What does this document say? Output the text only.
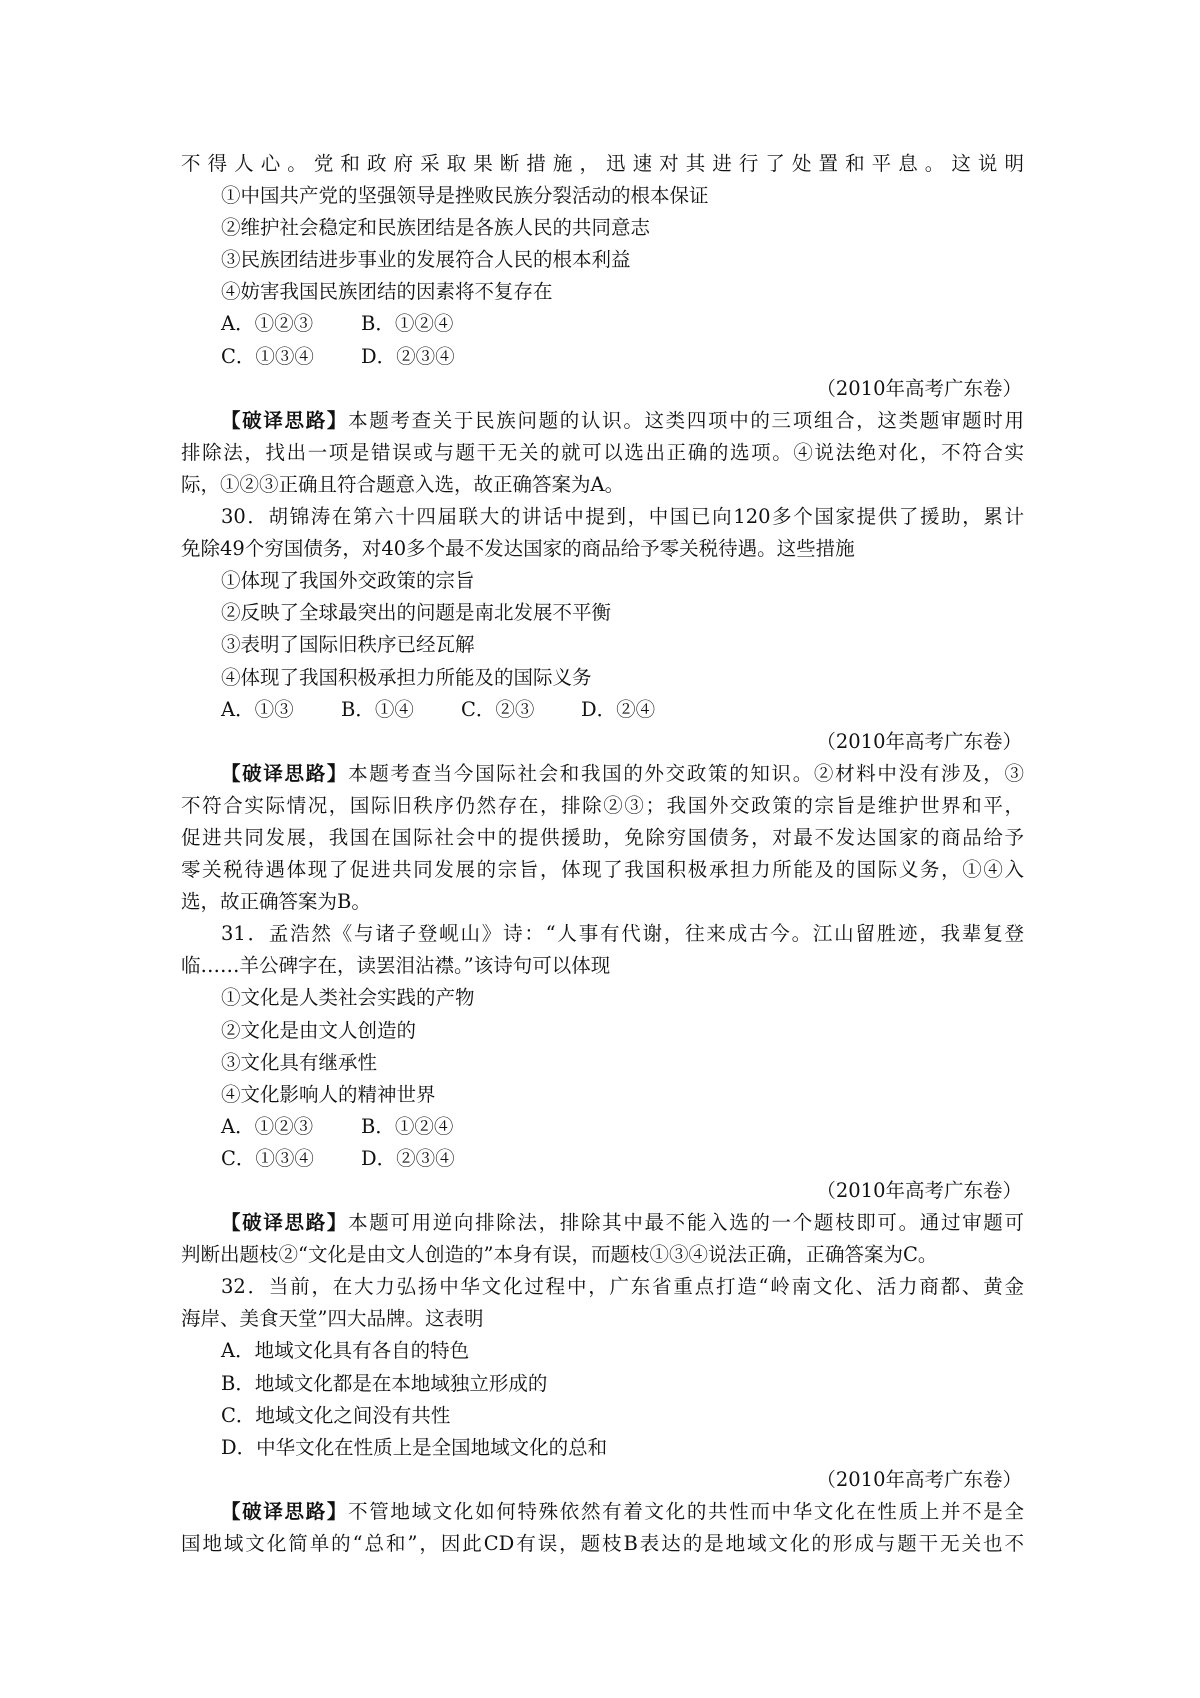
不得人心。党和政府采取果断措施，迅速对其进行了处置和平息。这说明
①中国共产党的坚强领导是挫败民族分裂活动的根本保证
②维护社会稳定和民族团结是各族人民的共同意志
③民族团结进步事业的发展符合人民的根本利益
④妨害我国民族团结的因素将不复存在
A．①②③ B．①②④
C．①③④ D．②③④
（2010年高考广东卷）
【破译思路】本题考查关于民族问题的认识。这类四项中的三项组合，这类题审题时用
排除法，找出一项是错误或与题干无关的就可以选出正确的选项。④说法绝对化，不符合实
际，①②③正确且符合题意入选，故正确答案为A。
30．胡锦涛在第六十四届联大的讲话中提到，中国已向120多个国家提供了援助，累计
免除49个穷国债务，对40多个最不发达国家的商品给予零关税待遇。这些措施
①体现了我国外交政策的宗旨
②反映了全球最突出的问题是南北发展不平衡
③表明了国际旧秩序已经瓦解
④体现了我国积极承担力所能及的国际义务
A．①③ B．①④ C．②③ D．②④
（2010年高考广东卷）
【破译思路】本题考查当今国际社会和我国的外交政策的知识。②材料中没有涉及，③
不符合实际情况，国际旧秩序仍然存在，排除②③；我国外交政策的宗旨是维护世界和平，
促进共同发展，我国在国际社会中的提供援助，免除穷国债务，对最不发达国家的商品给予
零关税待遇体现了促进共同发展的宗旨，体现了我国积极承担力所能及的国际义务，①④入
选，故正确答案为B。
31．孟浩然《与诸子登岘山》诗：“人事有代谢，往来成古今。江山留胜迹，我辈复登
临……羊公碑字在，读罢泪沾襟。”该诗句可以体现
①文化是人类社会实践的产物
②文化是由文人创造的
③文化具有继承性
④文化影响人的精神世界
A．①②③ B．①②④
C．①③④ D．②③④
（2010年高考广东卷）
【破译思路】本题可用逆向排除法，排除其中最不能入选的一个题枝即可。通过审题可
判断出题枝②“文化是由文人创造的”本身有误，而题枝①③④说法正确，正确答案为C。
32．当前，在大力弘扬中华文化过程中，广东省重点打造“岭南文化、活力商都、黄金
海岸、美食天堂”四大品牌。这表明
A．地域文化具有各自的特色
B．地域文化都是在本地域独立形成的
C．地域文化之间没有共性
D．中华文化在性质上是全国地域文化的总和
（2010年高考广东卷）
【破译思路】不管地域文化如何特殊依然有着文化的共性而中华文化在性质上并不是全
国地域文化简单的“总和”，因此CD有误，题枝B表达的是地域文化的形成与题干无关也不
